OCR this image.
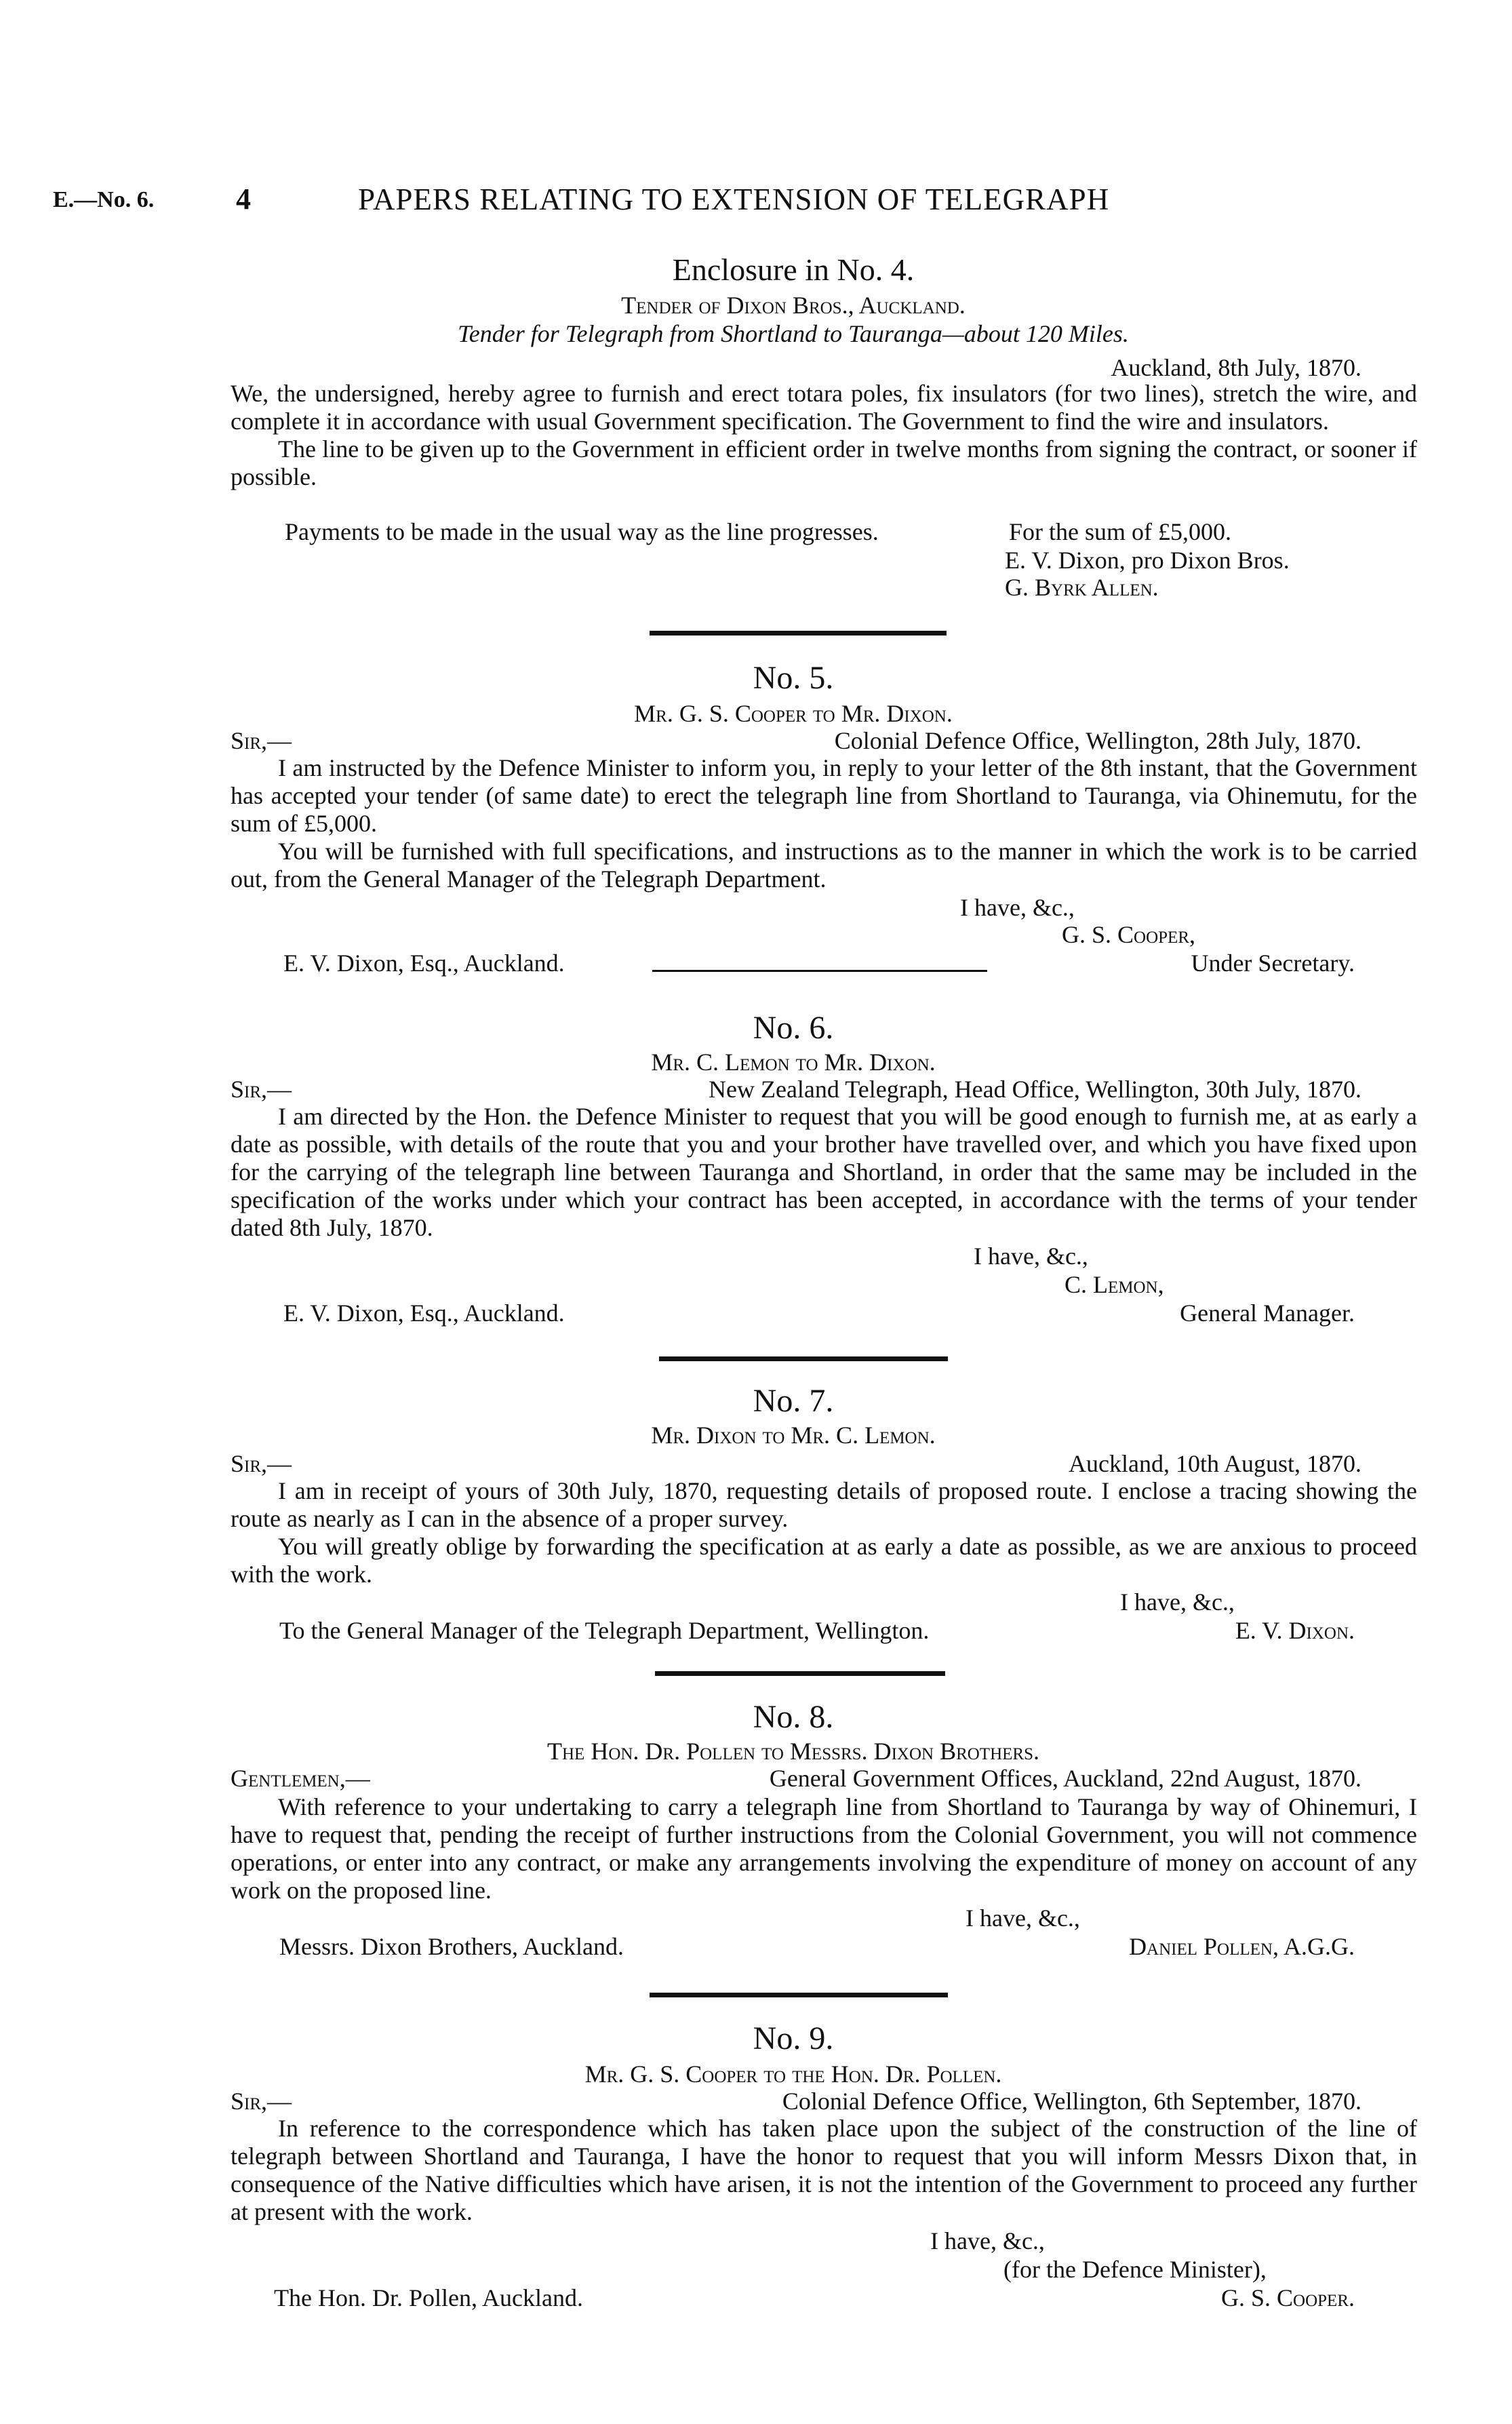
E.—No. 6.	4	PAPERS RELATING TO EXTENSION OF TELEGRAPH
Enclosure in No. 4.
Tender of Dixon Bros., Auckland.
Tender for Telegraph from Shortland to Tauranga—about 120 Miles.
Auckland, 8th July, 1870.

We, the undersigned, hereby agree to furnish and erect totara poles, fix insulators (for two lines), stretch the wire, and complete it in accordance with usual Government specification. The Government to find the wire and insulators.

The line to be given up to the Government in efficient order in twelve months from signing the contract, or sooner if possible.

Payments to be made in the usual way as the line progresses.	For the sum of £5,000.
E. V. Dixon, pro Dixon Bros.
G. Byrk Allen.
No. 5.
Mr. G. S. Cooper to Mr. Dixon.
Sir,—	Colonial Defence Office, Wellington, 28th July, 1870.

I am instructed by the Defence Minister to inform you, in reply to your letter of the 8th instant, that the Government has accepted your tender (of same date) to erect the telegraph line from Shortland to Tauranga, via Ohinemutu, for the sum of £5,000.

You will be furnished with full specifications, and instructions as to the manner in which the work is to be carried out, from the General Manager of the Telegraph Department.

I have, &c.,
G. S. Cooper,
E. V. Dixon, Esq., Auckland.	Under Secretary.
No. 6.
Mr. C. Lemon to Mr. Dixon.
Sir,—	New Zealand Telegraph, Head Office, Wellington, 30th July, 1870.

I am directed by the Hon. the Defence Minister to request that you will be good enough to furnish me, at as early a date as possible, with details of the route that you and your brother have travelled over, and which you have fixed upon for the carrying of the telegraph line between Tauranga and Shortland, in order that the same may be included in the specification of the works under which your contract has been accepted, in accordance with the terms of your tender dated 8th July, 1870.

I have, &c.,
C. Lemon,
E. V. Dixon, Esq., Auckland.	General Manager.
No. 7.
Mr. Dixon to Mr. C. Lemon.
Sir,—	Auckland, 10th August, 1870.

I am in receipt of yours of 30th July, 1870, requesting details of proposed route. I enclose a tracing showing the route as nearly as I can in the absence of a proper survey.

You will greatly oblige by forwarding the specification at as early a date as possible, as we are anxious to proceed with the work.

I have, &c.,
To the General Manager of the Telegraph Department, Wellington.	E. V. Dixon.
No. 8.
The Hon. Dr. Pollen to Messrs. Dixon Brothers.
Gentlemen,—	General Government Offices, Auckland, 22nd August, 1870.

With reference to your undertaking to carry a telegraph line from Shortland to Tauranga by way of Ohinemuri, I have to request that, pending the receipt of further instructions from the Colonial Government, you will not commence operations, or enter into any contract, or make any arrangements involving the expenditure of money on account of any work on the proposed line.

I have, &c.,
Messrs. Dixon Brothers, Auckland.	Daniel Pollen, A.G.G.
No. 9.
Mr. G. S. Cooper to the Hon. Dr. Pollen.
Sir,—	Colonial Defence Office, Wellington, 6th September, 1870.

In reference to the correspondence which has taken place upon the subject of the construction of the line of telegraph between Shortland and Tauranga, I have the honor to request that you will inform Messrs Dixon that, in consequence of the Native difficulties which have arisen, it is not the intention of the Government to proceed any further at present with the work.

I have, &c.,
(for the Defence Minister),
The Hon. Dr. Pollen, Auckland.	G. S. Cooper.
